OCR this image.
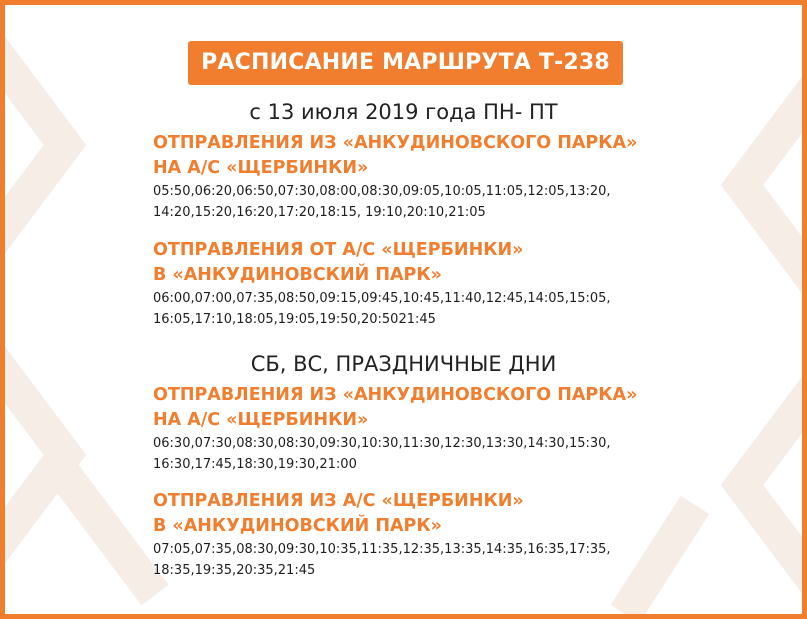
РАСПИСАНИЕ МАРШРУТА Т-238
с 13 июля 2019 года ПН- ПТ
ОТПРАВЛЕНИЯ ИЗ «АНКУДИНОВСКОГО ПАРКА»
НА А/С «ЩЕРБИНКИ»
05:50,06:20,06:50,07:30,08:00,08:30,09:05,10:05,11:05,12:05,13:20,
14:20,15:20,16:20,17:20,18:15, 19:10,20:10,21:05
ОТПРАВЛЕНИЯ ОТ А/С «ЩЕРБИНКИ»
В «АНКУДИНОВСКИЙ ПАРК»
06:00,07:00,07:35,08:50,09:15,09:45,10:45,11:40,12:45,14:05,15:05,
16:05,17:10,18:05,19:05,19:50,20:5021:45
СБ, ВС, ПРАЗДНИЧНЫЕ ДНИ
ОТПРАВЛЕНИЯ ИЗ «АНКУДИНОВСКОГО ПАРКА»
НА А/С «ЩЕРБИНКИ»
06:30,07:30,08:30,08:30,09:30,10:30,11:30,12:30,13:30,14:30,15:30,
16:30,17:45,18:30,19:30,21:00
ОТПРАВЛЕНИЯ ИЗ А/С «ЩЕРБИНКИ»
В «АНКУДИНОВСКИЙ ПАРК»
07:05,07:35,08:30,09:30,10:35,11:35,12:35,13:35,14:35,16:35,17:35,
18:35,19:35,20:35,21:45
